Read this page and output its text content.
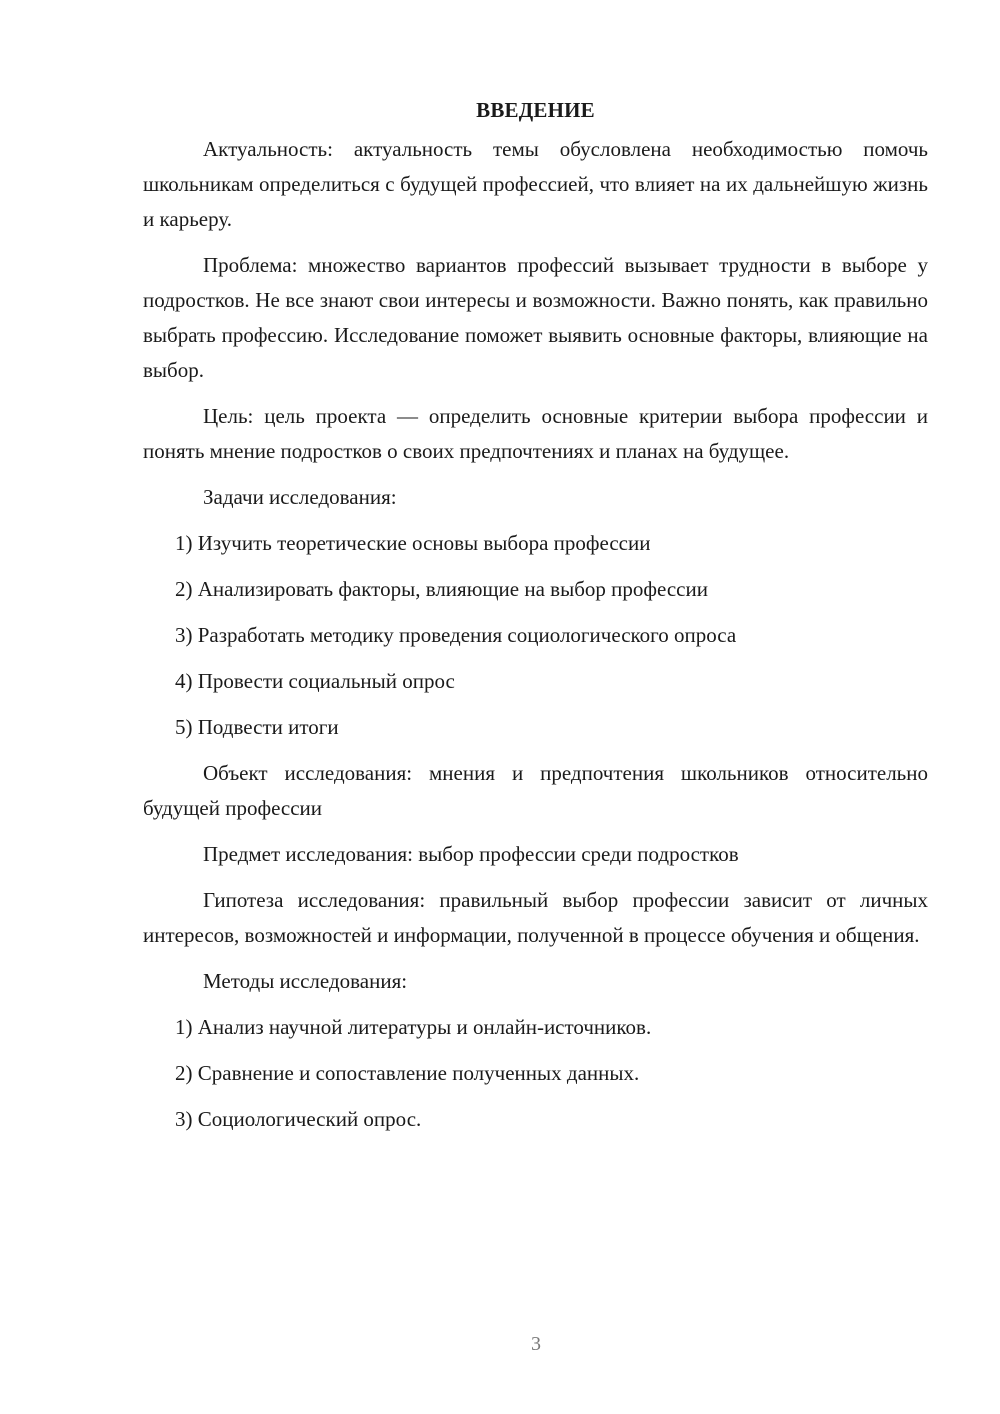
ВВЕДЕНИЕ

Актуальность: актуальность темы обусловлена необходимостью помочь школьникам определиться с будущей профессией, что влияет на их дальнейшую жизнь и карьеру.

Проблема: множество вариантов профессий вызывает трудности в выборе у подростков. Не все знают свои интересы и возможности. Важно понять, как правильно выбрать профессию. Исследование поможет выявить основные факторы, влияющие на выбор.

Цель: цель проекта — определить основные критерии выбора профессии и понять мнение подростков о своих предпочтениях и планах на будущее.

Задачи исследования:

1) Изучить теоретические основы выбора профессии

2) Анализировать факторы, влияющие на выбор профессии

3) Разработать методику проведения социологического опроса

4) Провести социальный опрос

5) Подвести итоги

Объект исследования: мнения и предпочтения школьников относительно будущей профессии

Предмет исследования: выбор профессии среди подростков

Гипотеза исследования: правильный выбор профессии зависит от личных интересов, возможностей и информации, полученной в процессе обучения и общения.

Методы исследования:

1) Анализ научной литературы и онлайн-источников.

2) Сравнение и сопоставление полученных данных.

3) Социологический опрос.

3
